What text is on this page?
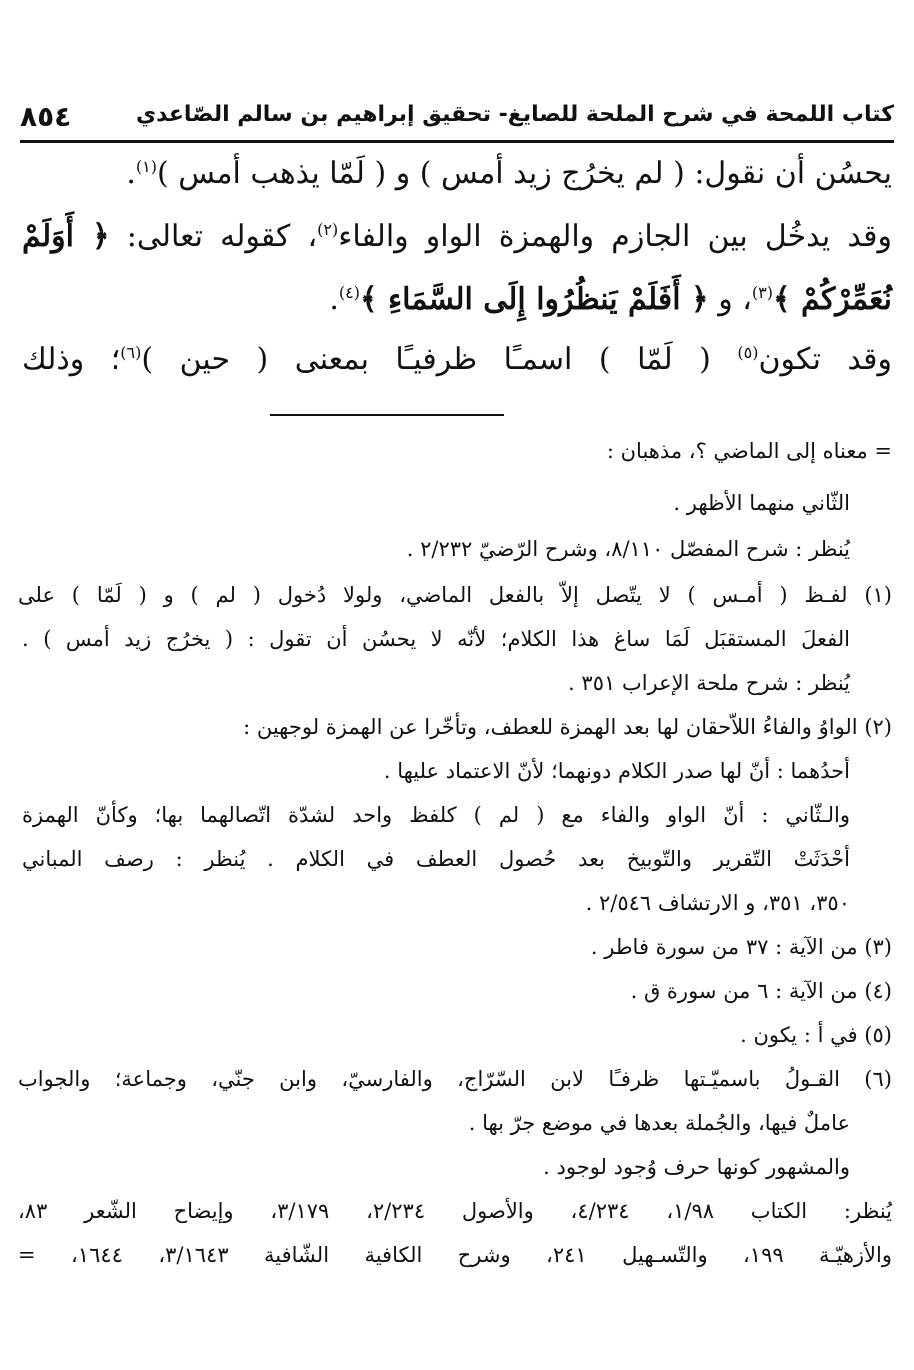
كتاب اللمحة في شرح الملحة للصايغ- تحقيق إبراهيم بن سالم الصّاعدي
٨٥٤
يحسُن أن نقول: ( لم يخرُج زيد أمس ) و ( لَمّا يذهب أمس )$^{(١)}$.
وقد يدخُل بين الجازم والهمزة الواو والفاء$^{(٢)}$، كقوله تعالى: ﴿ أَوَلَمْ
نُعَمِّرْكُمْ ﴾$^{(٣)}$، و ﴿ أَفَلَمْ يَنظُرُوا إِلَى السَّمَاءِ ﴾$^{(٤)}$.
وقد تكون$^{(٥)}$ ( لَمّا ) اسمـًا ظرفيـًا بمعنى ( حين )$^{(٦)}$؛ وذلك
= معناه إلى الماضي ؟، مذهبان :
الثّاني منهما الأظهر .
يُنظر : شرح المفصّل ٨/١١٠، وشرح الرّضيّ ٢/٢٣٢ .
(١) لفـظ ( أمـس ) لا يتّصل إلاّ بالفعل الماضي، ولولا دُخول ( لم ) و ( لَمّا ) على
الفعلَ المستقبَل لَمَا ساغ هذا الكلام؛ لأنّه لا يحسُن أن تقول : ( يخرُج زيد أمس ) .
يُنظر : شرح ملحة الإعراب ٣٥١ .
(٢) الواوُ والفاءُ اللاّحقان لها بعد الهمزة للعطف، وتأخّرا عن الهمزة لوجهين :
أحدُهما : أنّ لها صدر الكلام دونهما؛ لأنّ الاعتماد عليها .
والـثّاني : أنّ الواو والفاء مع ( لم ) كلفظ واحد لشدّة اتّصالهما بها؛ وكأنّ الهمزة
أحْدَثَتْ التّقرير والتّوبيخ بعد حُصول العطف في الكلام . يُنظر : رصف المباني
٣٥٠، ٣٥١، و الارتشاف ٢/٥٤٦ .
(٣) من الآية : ٣٧ من سورة فاطر .
(٤) من الآية : ٦ من سورة ق .
(٥) في أ : يكون .
(٦) القـولُ باسميّـتها ظرفـًا لابن السّرّاج، والفارسيّ، وابن جنّي، وجماعة؛ والجواب
عاملٌ فيها، والجُملة بعدها في موضع جرّ بها .
والمشهور كونها حرف وُجود لوجود .
يُنظر: الكتاب ١/٩٨، ٤/٢٣٤، والأصول ٢/٢٣٤، ٣/١٧٩، وإيضاح الشّعر ٨٣،
والأزهيّـة ١٩٩، والتّسـهيل ٢٤١، وشرح الكافية الشّافية ٣/١٦٤٣، ١٦٤٤، =
